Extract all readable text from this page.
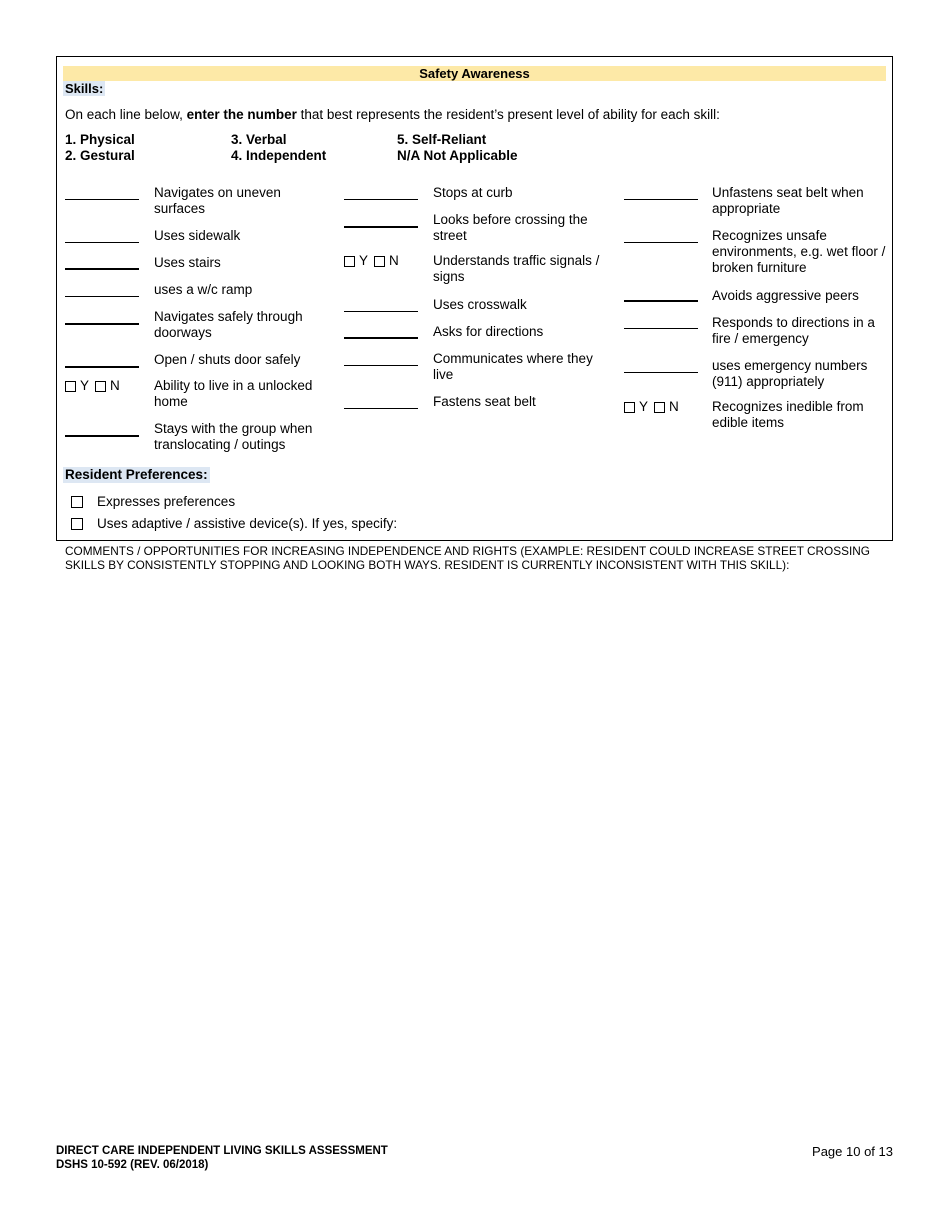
Safety Awareness
Skills:
On each line below, enter the number that best represents the resident’s present level of ability for each skill:
1. Physical
2. Gestural
3. Verbal
4. Independent
5. Self-Reliant
N/A Not Applicable
Navigates on uneven surfaces
Uses sidewalk
Uses stairs
uses a w/c ramp
Navigates safely through doorways
Open / shuts door safely
Y N	Ability to live in a unlocked home
Stays with the group when translocating / outings
Stops at curb
Looks before crossing the street
Y N	Understands traffic signals / signs
Uses crosswalk
Asks for directions
Communicates where they live
Fastens seat belt
Unfastens seat belt when appropriate
Recognizes unsafe environments, e.g. wet floor / broken furniture
Avoids aggressive peers
Responds to directions in a fire / emergency
uses emergency numbers (911) appropriately
Y N Recognizes inedible from edible items
Resident Preferences:
Expresses preferences
Uses adaptive / assistive device(s). If yes, specify:
COMMENTS / OPPORTUNITIES FOR INCREASING INDEPENDENCE AND RIGHTS (EXAMPLE: RESIDENT COULD INCREASE STREET CROSSING SKILLS BY CONSISTENTLY STOPPING AND LOOKING BOTH WAYS. RESIDENT IS CURRENTLY INCONSISTENT WITH THIS SKILL):
DIRECT CARE INDEPENDENT LIVING SKILLS ASSESSMENT
DSHS 10-592 (REV. 06/2018)
Page 10 of 13
